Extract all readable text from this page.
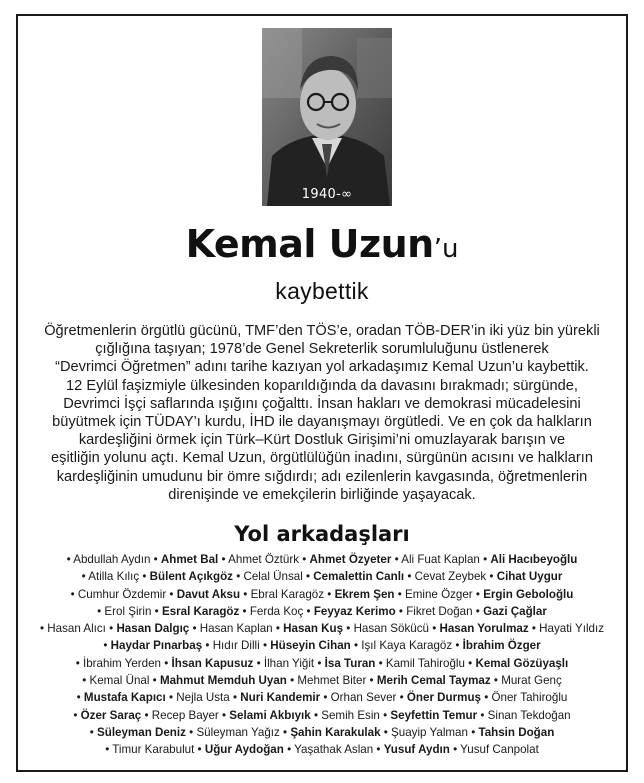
1940-∞
Kemal Uzun’u
kaybettik
Öğretmenlerin örgütlü gücünü, TMF’den TÖS’e, oradan TÖB-DER’in iki yüz bin yürekli
çığlığına taşıyan; 1978’de Genel Sekreterlik sorumluluğunu üstlenerek
“Devrimci Öğretmen” adını tarihe kazıyan yol arkadaşımız Kemal Uzun’u kaybettik.
12 Eylül faşizmiyle ülkesinden koparıldığında da davasını bırakmadı; sürgünde,
Devrimci İşçi saflarında ışığını çoğalttı. İnsan hakları ve demokrasi mücadelesini
büyütmek için TÜDAY’ı kurdu, İHD ile dayanışmayı örgütledi. Ve en çok da halkların
kardeşliğini örmek için Türk–Kürt Dostluk Girişimi’ni omuzlayarak barışın ve
eşitliğin yolunu açtı. Kemal Uzun, örgütlülüğün inadını, sürgünün acısını ve halkların
kardeşliğinin umudunu bir ömre sığdırdı; adı ezilenlerin kavgasında, öğretmenlerin
direnişinde ve emekçilerin birliğinde yaşayacak.
Yol arkadaşları
• Abdullah Aydın • Ahmet Bal • Ahmet Öztürk • Ahmet Özyeter • Ali Fuat Kaplan • Ali Hacıbeyoğlu
• Atilla Kılıç • Bülent Açıkgöz • Celal Ünsal • Cemalettin Canlı • Cevat Zeybek • Cihat Uygur
• Cumhur Özdemir • Davut Aksu • Ebral Karagöz • Ekrem Şen • Emine Özger • Ergin Geboloğlu
• Erol Şirin • Esral Karagöz • Ferda Koç • Feyyaz Kerimo • Fikret Doğan • Gazi Çağlar
• Hasan Alıcı • Hasan Dalgıç • Hasan Kaplan • Hasan Kuş • Hasan Sökücü • Hasan Yorulmaz • Hayati Yıldız
• Haydar Pınarbaş • Hıdır Dilli • Hüseyin Cihan • Işıl Kaya Karagöz • İbrahim Özger
• İbrahim Yerden • İhsan Kapusuz • İlhan Yiğit • İsa Turan • Kamil Tahiroğlu • Kemal Gözüyaşlı
• Kemal Ünal • Mahmut Memduh Uyan • Mehmet Biter • Merih Cemal Taymaz • Murat Genç
• Mustafa Kapıcı • Nejla Usta • Nuri Kandemir • Orhan Sever • Öner Durmuş • Öner Tahiroğlu
• Özer Saraç • Recep Bayer • Selami Akbıyık • Semih Esin • Seyfettin Temur • Sinan Tekdoğan
• Süleyman Deniz • Süleyman Yağız • Şahin Karakulak • Şuayip Yalman • Tahsin Doğan
• Timur Karabulut • Uğur Aydoğan • Yaşathak Aslan • Yusuf Aydın • Yusuf Canpolat
